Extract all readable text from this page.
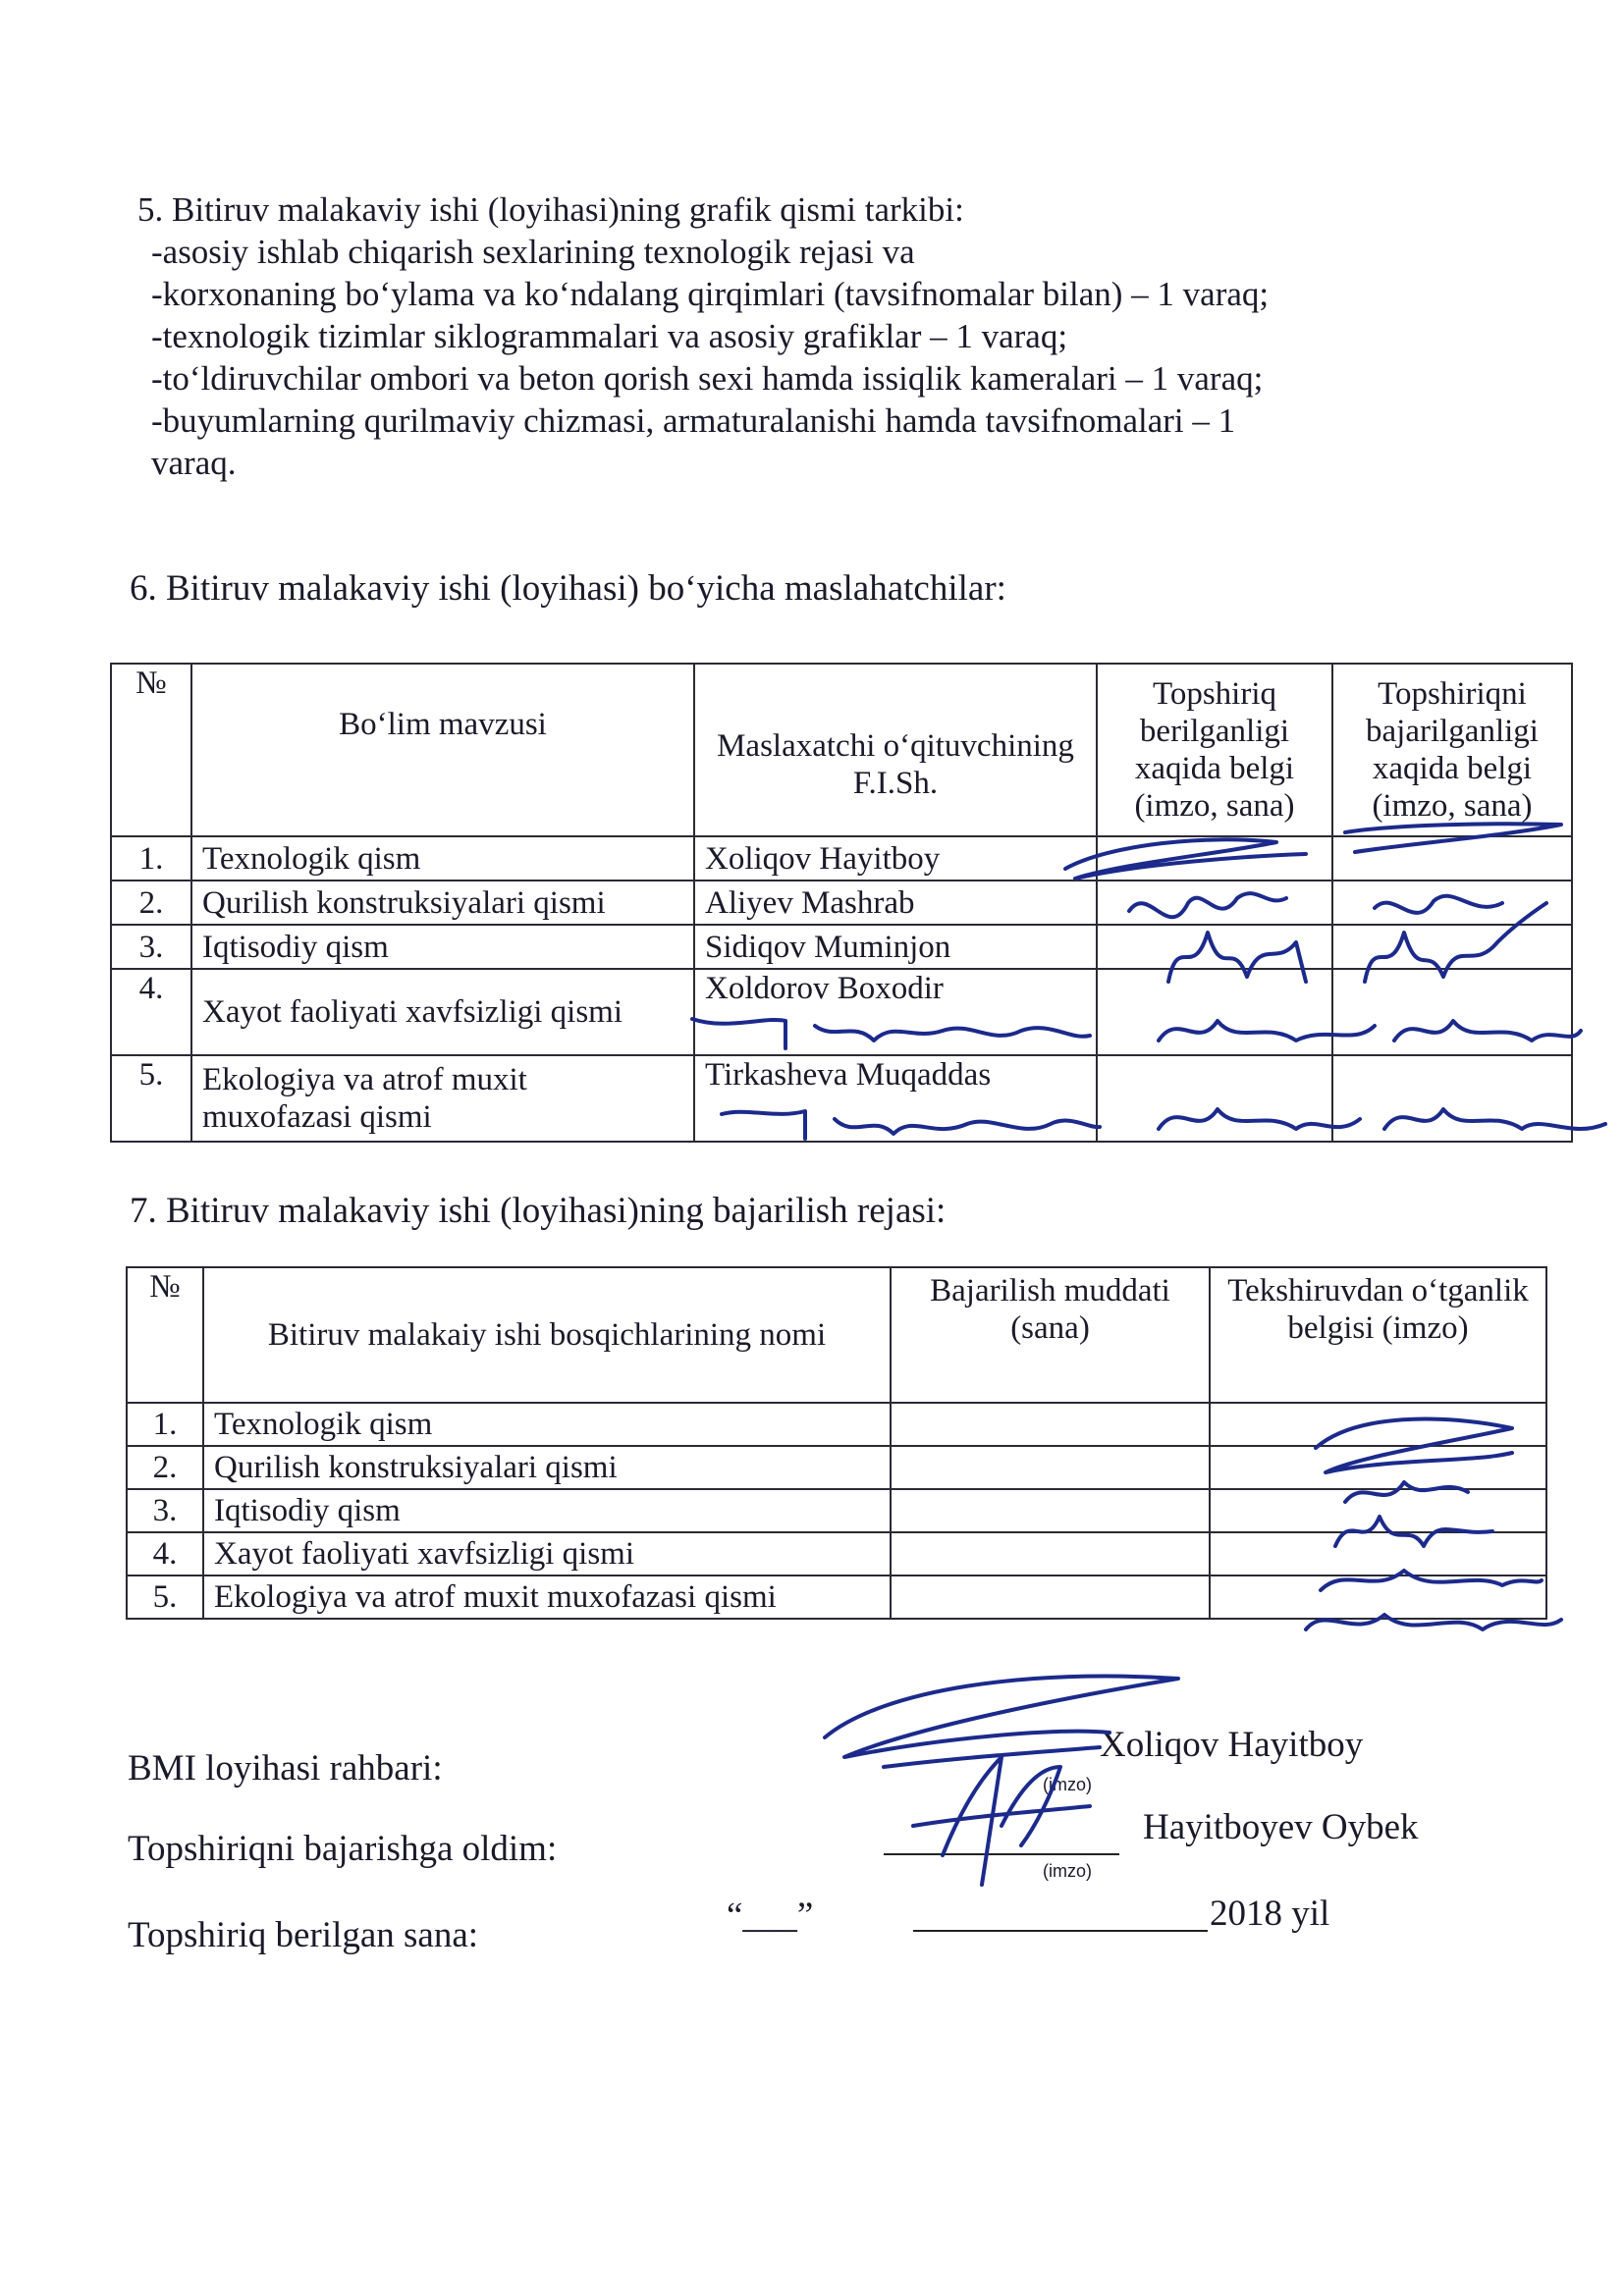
5. Bitiruv malakaviy ishi (loyihasi)ning grafik qismi tarkibi:
-asosiy ishlab chiqarish sexlarining texnologik rejasi va
-korxonaning bo‘ylama va ko‘ndalang qirqimlari (tavsifnomalar bilan) – 1 varaq;
-texnologik tizimlar siklogrammalari va asosiy grafiklar – 1 varaq;
-to‘ldiruvchilar ombori va beton qorish sexi hamda issiqlik kameralari – 1 varaq;
-buyumlarning qurilmaviy chizmasi, armaturalanishi hamda tavsifnomalari – 1
varaq.
6. Bitiruv malakaviy ishi (loyihasi) bo‘yicha maslahatchilar:
№	Bo‘lim mavzusi	Maslaxatchi o‘qituvchining F.I.Sh.	Topshiriq berilganligi xaqida belgi (imzo, sana)	Topshiriqni bajarilganligi xaqida belgi (imzo, sana)
1.	Texnologik qism	Xoliqov Hayitboy		
2.	Qurilish konstruksiyalari qismi	Aliyev Mashrab		
3.	Iqtisodiy qism	Sidiqov Muminjon		
4.	Xayot faoliyati xavfsizligi qismi	Xoldorov Boxodir		
5.	Ekologiya va atrof muxit muxofazasi qismi	Tirkasheva Muqaddas		
7. Bitiruv malakaviy ishi (loyihasi)ning bajarilish rejasi:
№	Bitiruv malakaiy ishi bosqichlarining nomi	Bajarilish muddati (sana)	Tekshiruvdan o‘tganlik belgisi (imzo)
1.	Texnologik qism		
2.	Qurilish konstruksiyalari qismi		
3.	Iqtisodiy qism		
4.	Xayot faoliyati xavfsizligi qismi		
5.	Ekologiya va atrof muxit muxofazasi qismi		
BMI loyihasi rahbari:
Xoliqov Hayitboy
(imzo)
Topshiriqni bajarishga oldim:
Hayitboyev Oybek
(imzo)
Topshiriq berilgan sana:	“___”	2018 yil
